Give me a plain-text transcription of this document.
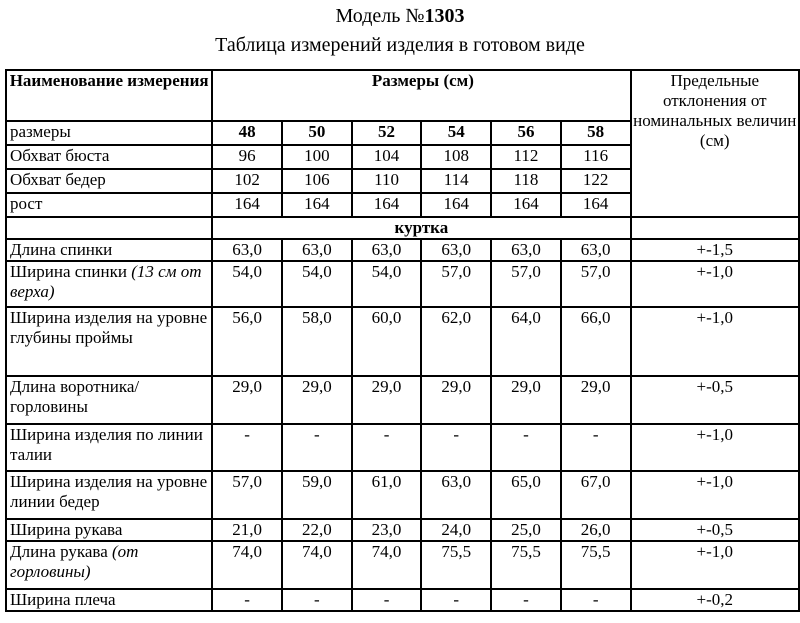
Модель №1303
Таблица измерений изделия в готовом виде
Наименование измерения	Размеры (см)						Предельные отклонения от номинальных величин (см)
размеры	48	50	52	54	56	58	
Обхват бюста	96	100	104	108	112	116	
Обхват бедер	102	106	110	114	118	122	
рост	164	164	164	164	164	164	
	куртка						
Длина спинки	63,0	63,0	63,0	63,0	63,0	63,0	+-1,5
Ширина спинки (13 см от верха)	54,0	54,0	54,0	57,0	57,0	57,0	+-1,0
Ширина изделия на уровне глубины проймы	56,0	58,0	60,0	62,0	64,0	66,0	+-1,0
Длина воротника/горловины	29,0	29,0	29,0	29,0	29,0	29,0	+-0,5
Ширина изделия по линии талии	-	-	-	-	-	-	+-1,0
Ширина изделия на уровне линии бедер	57,0	59,0	61,0	63,0	65,0	67,0	+-1,0
Ширина рукава	21,0	22,0	23,0	24,0	25,0	26,0	+-0,5
Длина рукава (от горловины)	74,0	74,0	74,0	75,5	75,5	75,5	+-1,0
Ширина плеча	-	-	-	-	-	-	+-0,2
